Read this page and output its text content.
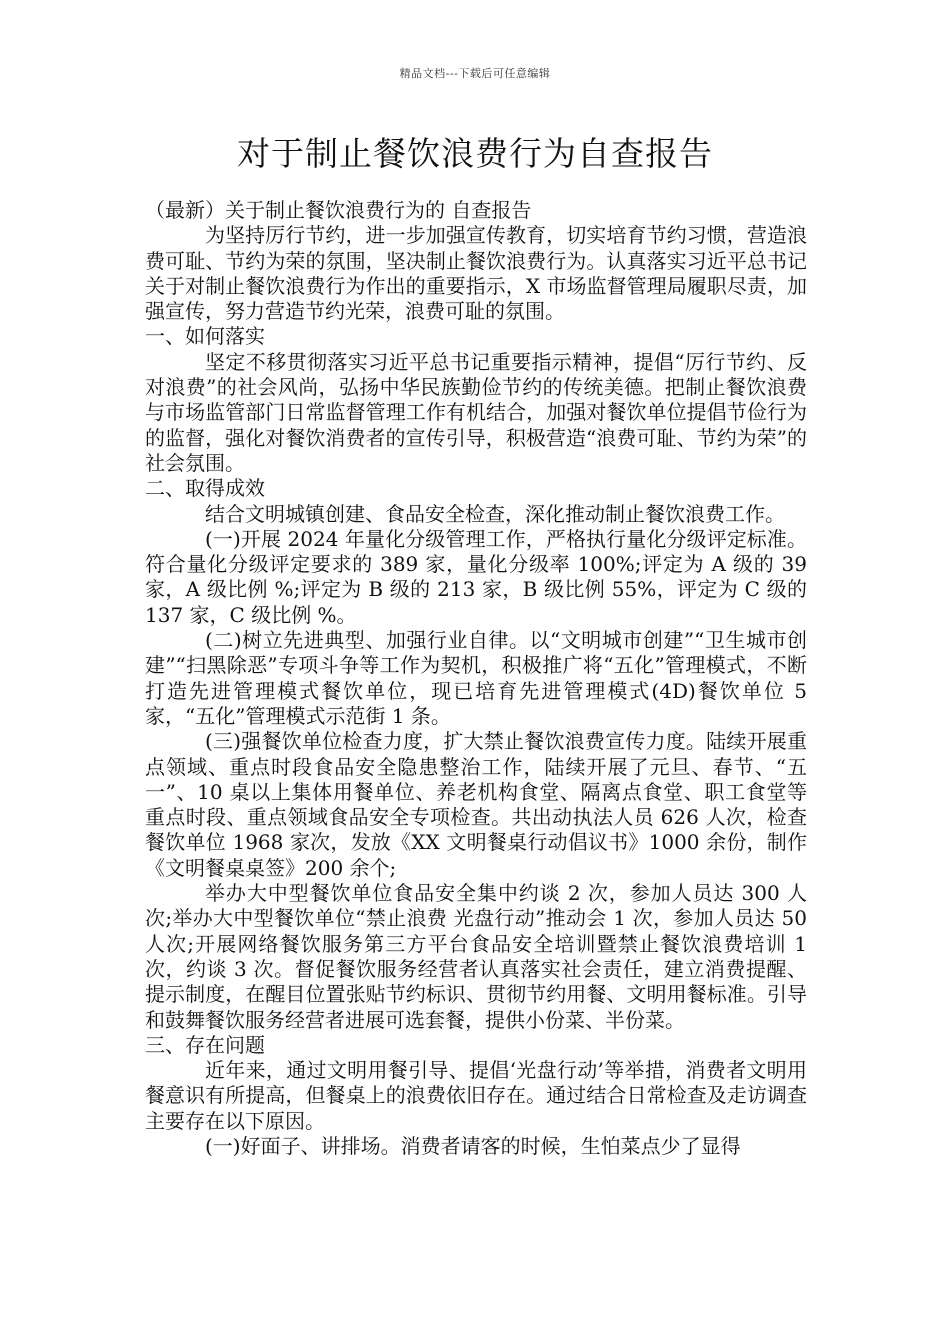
精品文档---下载后可任意编辑
对于制止餐饮浪费行为自查报告

（最新）关于制止餐饮浪费行为的 自查报告

为坚持厉行节约，进一步加强宣传教育，切实培育节约习惯，营造浪费可耻、节约为荣的氛围，坚决制止餐饮浪费行为。认真落实习近平总书记关于对制止餐饮浪费行为作出的重要指示，X 市场监督管理局履职尽责，加强宣传，努力营造节约光荣，浪费可耻的氛围。

一、如何落实

坚定不移贯彻落实习近平总书记重要指示精神，提倡“厉行节约、反对浪费”的社会风尚，弘扬中华民族勤俭节约的传统美德。把制止餐饮浪费与市场监管部门日常监督管理工作有机结合，加强对餐饮单位提倡节俭行为的监督，强化对餐饮消费者的宣传引导，积极营造“浪费可耻、节约为荣”的社会氛围。

二、取得成效

结合文明城镇创建、食品安全检查，深化推动制止餐饮浪费工作。

(一)开展 2024 年量化分级管理工作，严格执行量化分级评定标准。符合量化分级评定要求的 389 家，量化分级率 100%;评定为 A 级的 39 家，A 级比例 %;评定为 B 级的 213 家，B 级比例 55%，评定为 C 级的 137 家，C 级比例 %。

(二)树立先进典型、加强行业自律。以“文明城市创建”“卫生城市创建”“扫黑除恶”专项斗争等工作为契机，积极推广将“五化”管理模式，不断打造先进管理模式餐饮单位，现已培育先进管理模式(4D)餐饮单位 5 家，“五化”管理模式示范街 1 条。

(三)强餐饮单位检查力度，扩大禁止餐饮浪费宣传力度。陆续开展重点领域、重点时段食品安全隐患整治工作，陆续开展了元旦、春节、“五一”、10 桌以上集体用餐单位、养老机构食堂、隔离点食堂、职工食堂等重点时段、重点领域食品安全专项检查。共出动执法人员 626 人次，检查餐饮单位 1968 家次，发放《XX 文明餐桌行动倡议书》1000 余份，制作《文明餐桌桌签》200 余个;

举办大中型餐饮单位食品安全集中约谈 2 次，参加人员达 300 人次;举办大中型餐饮单位“禁止浪费 光盘行动”推动会 1 次，参加人员达 50 人次;开展网络餐饮服务第三方平台食品安全培训暨禁止餐饮浪费培训 1 次，约谈 3 次。督促餐饮服务经营者认真落实社会责任，建立消费提醒、提示制度，在醒目位置张贴节约标识、贯彻节约用餐、文明用餐标准。引导和鼓舞餐饮服务经营者进展可选套餐，提供小份菜、半份菜。

三、存在问题

近年来，通过文明用餐引导、提倡‘光盘行动’等举措，消费者文明用餐意识有所提高，但餐桌上的浪费依旧存在。通过结合日常检查及走访调查主要存在以下原因。

(一)好面子、讲排场。消费者请客的时候，生怕菜点少了显得
